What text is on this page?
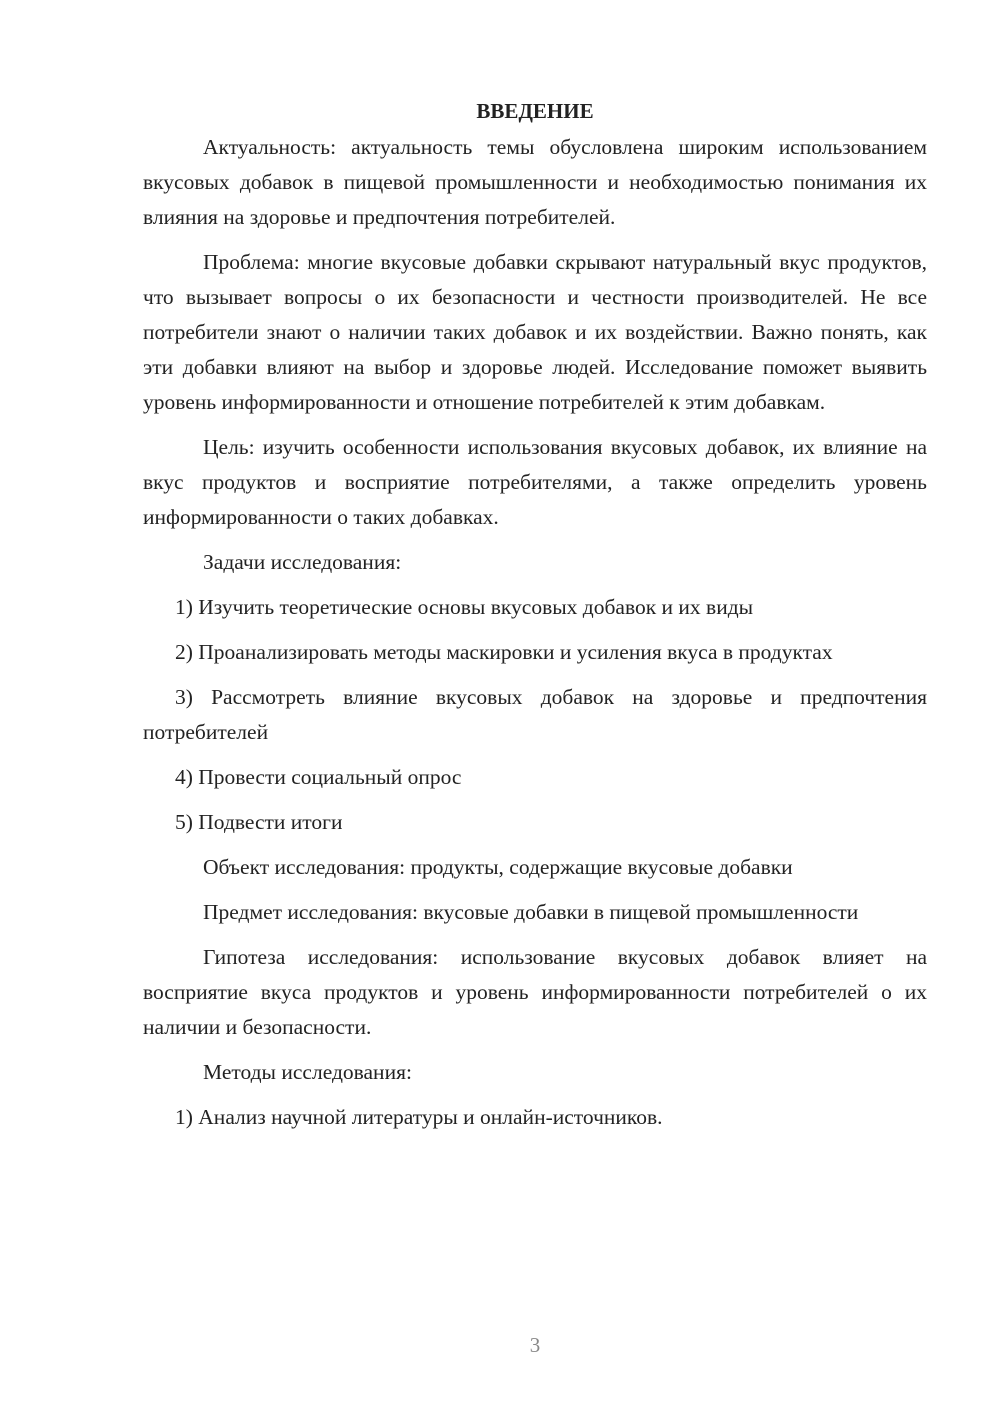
ВВЕДЕНИЕ

Актуальность: актуальность темы обусловлена широким использованием вкусовых добавок в пищевой промышленности и необходимостью понимания их влияния на здоровье и предпочтения потребителей.

Проблема: многие вкусовые добавки скрывают натуральный вкус продуктов, что вызывает вопросы о их безопасности и честности производителей. Не все потребители знают о наличии таких добавок и их воздействии. Важно понять, как эти добавки влияют на выбор и здоровье людей. Исследование поможет выявить уровень информированности и отношение потребителей к этим добавкам.

Цель: изучить особенности использования вкусовых добавок, их влияние на вкус продуктов и восприятие потребителями, а также определить уровень информированности о таких добавках.

Задачи исследования:

1) Изучить теоретические основы вкусовых добавок и их виды

2) Проанализировать методы маскировки и усиления вкуса в продуктах

3) Рассмотреть влияние вкусовых добавок на здоровье и предпочтения потребителей

4) Провести социальный опрос

5) Подвести итоги

Объект исследования: продукты, содержащие вкусовые добавки

Предмет исследования: вкусовые добавки в пищевой промышленности

Гипотеза исследования: использование вкусовых добавок влияет на восприятие вкуса продуктов и уровень информированности потребителей о их наличии и безопасности.

Методы исследования:

1) Анализ научной литературы и онлайн-источников.

3
